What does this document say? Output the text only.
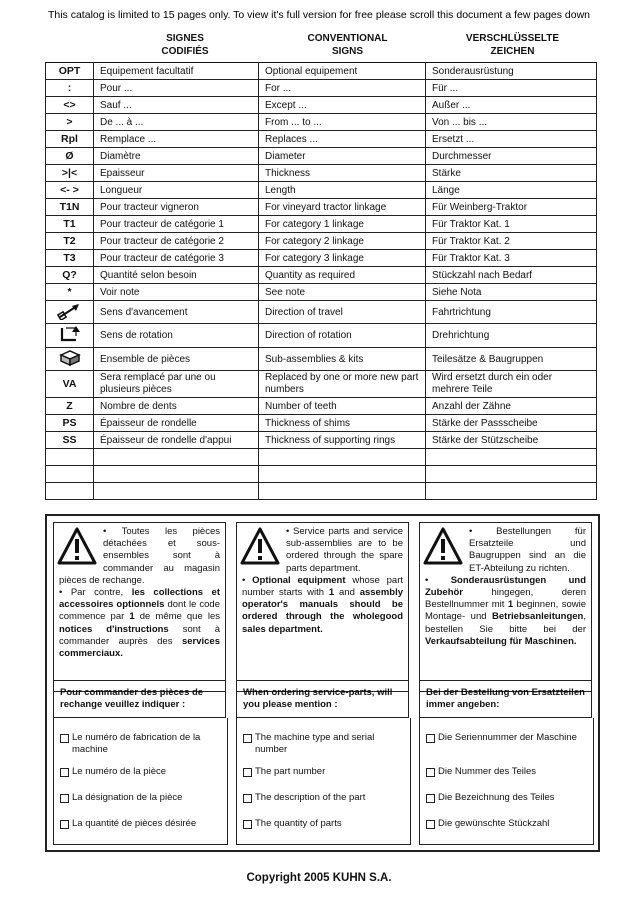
This catalog is limited to 15 pages only. To view it's full version for free please scroll this document a few pages down
SIGNES
CODIFIÉS
CONVENTIONAL
SIGNS
VERSCHLÜSSELTE
ZEICHEN
OPT	Equipement facultatif	Optional equipement	Sonderausrüstung
:	Pour ...	For ...	Für ...
<>	Sauf ...	Except ...	Außer ...
>	De ... à ...	From ... to ...	Von ... bis ...
Rpl	Remplace ...	Replaces ...	Ersetzt ...
Ø	Diamètre	Diameter	Durchmesser
>|<	Epaisseur	Thickness	Stärke
<- >	Longueur	Length	Länge
T1N	Pour tracteur vigneron	For vineyard tractor linkage	Für Weinberg-Traktor
T1	Pour tracteur de catégorie 1	For category 1 linkage	Für Traktor Kat. 1
T2	Pour tracteur de catégorie 2	For category 2 linkage	Für Traktor Kat. 2
T3	Pour tracteur de catégorie 3	For category 3 linkage	Für Traktor Kat. 3
Q?	Quantité selon besoin	Quantity as required	Stückzahl nach Bedarf
*	Voir note	See note	Siehe Nota
	Sens d'avancement	Direction of travel	Fahrtrichtung
	Sens de rotation	Direction of rotation	Drehrichtung
	Ensemble de pièces	Sub-assemblies & kits	Teilesätze & Baugruppen
VA	Sera remplacé par une ou plusieurs pièces	Replaced by one or more new part numbers	Wird ersetzt durch ein oder mehrere Teile
Z	Nombre de dents	Number of teeth	Anzahl der Zähne
PS	Épaisseur de rondelle	Thickness of shims	Stärke der Passscheibe
SS	Épaisseur de rondelle d'appui	Thickness of supporting rings	Stärke der Stützscheibe

• Toutes les pièces détachées et sous-ensembles sont à commander au magasin pièces de rechange.
• Par contre, les collections et accessoires optionnels dont le code commence par 1 de même que les notices d'instructions sont à commander auprès des services commerciaux.

• Service parts and service sub-assemblies are to be ordered through the spare parts department.
• Optional equipment whose part number starts with 1 and assembly operator's manuals should be ordered through the wholegood sales department.

• Bestellungen für Ersatzteile und Baugruppen sind an die ET-Abteilung zu richten.
• Sonderausrüstungen und Zubehör hingegen, deren Bestellnummer mit 1 beginnen, sowie Montage- und Betriebsanleitungen, bestellen Sie bitte bei der Verkaufsabteilung für Maschinen.

Pour commander des pièces de rechange veuillez indiquer :
When ordering service-parts, will you please mention :
Bei der Bestellung von Ersatzteilen immer angeben:
Le numéro de fabrication de la machine
Le numéro de la pièce
La désignation de la pièce
La quantité de pièces désirée
The machine type and serial number
The part number
The description of the part
The quantity of parts
Die Seriennummer der Maschine
Die Nummer des Teiles
Die Bezeichnung des Teiles
Die gewünschte Stückzahl
Copyright 2005 KUHN S.A.
